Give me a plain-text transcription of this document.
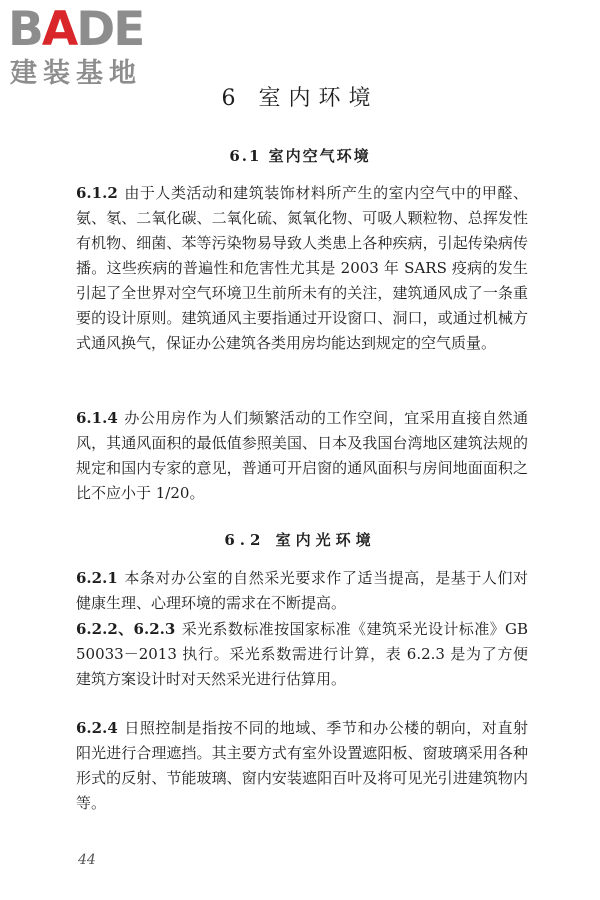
BADE
建装基地
6 室内环境
6.1 室内空气环境

6.1.2 由于人类活动和建筑装饰材料所产生的室内空气中的甲醛、氨、氡、二氧化碳、二氧化硫、氮氧化物、可吸人颗粒物、总挥发性有机物、细菌、苯等污染物易导致人类患上各种疾病，引起传染病传播。这些疾病的普遍性和危害性尤其是 2003 年 SARS 疫病的发生引起了全世界对空气环境卫生前所未有的关注，建筑通风成了一条重要的设计原则。建筑通风主要指通过开设窗口、洞口，或通过机械方式通风换气，保证办公建筑各类用房均能达到规定的空气质量。

6.1.4 办公用房作为人们频繁活动的工作空间，宜采用直接自然通风，其通风面积的最低值参照美国、日本及我国台湾地区建筑法规的规定和国内专家的意见，普通可开启窗的通风面积与房间地面面积之比不应小于 1/20。

6.2 室内光环境

6.2.1 本条对办公室的自然采光要求作了适当提高，是基于人们对健康生理、心理环境的需求在不断提高。

6.2.2、6.2.3 采光系数标准按国家标准《建筑采光设计标准》GB 50033－2013 执行。采光系数需进行计算，表 6.2.3 是为了方便建筑方案设计时对天然采光进行估算用。

6.2.4 日照控制是指按不同的地域、季节和办公楼的朝向，对直射阳光进行合理遮挡。其主要方式有室外设置遮阳板、窗玻璃采用各种形式的反射、节能玻璃、窗内安装遮阳百叶及将可见光引进建筑物内等。

44
